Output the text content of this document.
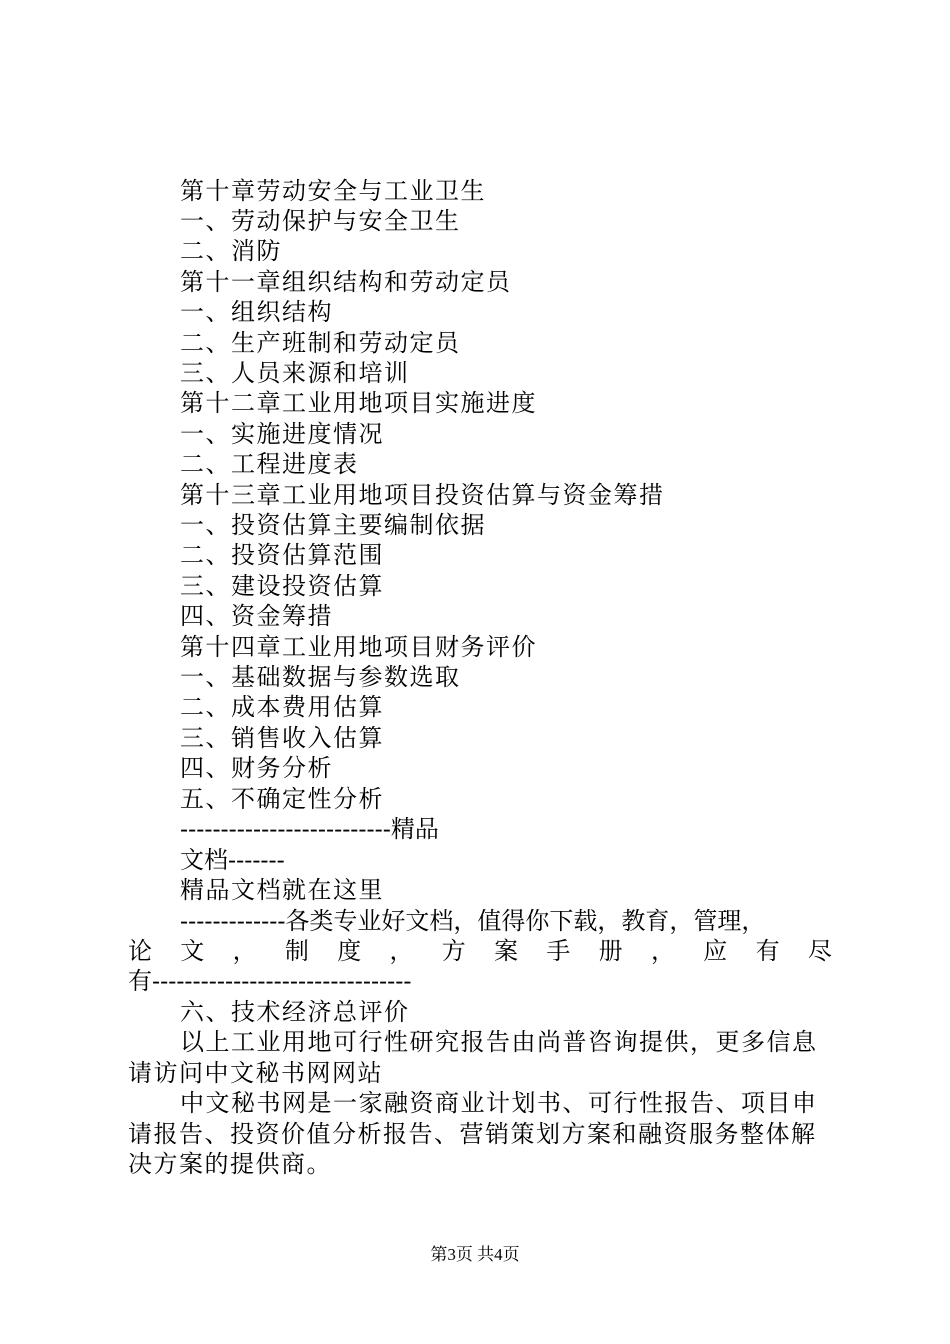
第十章劳动安全与工业卫生
一、劳动保护与安全卫生
二、消防
第十一章组织结构和劳动定员
一、组织结构
二、生产班制和劳动定员
三、人员来源和培训
第十二章工业用地项目实施进度
一、实施进度情况
二、工程进度表
第十三章工业用地项目投资估算与资金筹措
一、投资估算主要编制依据
二、投资估算范围
三、建设投资估算
四、资金筹措
第十四章工业用地项目财务评价
一、基础数据与参数选取
二、成本费用估算
三、销售收入估算
四、财务分析
五、不确定性分析
--------------------------精品
文档-------
精品文档就在这里
-------------各类专业好文档，值得你下载，教育，管理，
论 文 ， 制 度 ， 方 案 手 册 ， 应 有 尽
有--------------------------------
六、技术经济总评价
以上工业用地可行性研究报告由尚普咨询提供，更多信息
请访问中文秘书网网站
中文秘书网是一家融资商业计划书、可行性报告、项目申
请报告、投资价值分析报告、营销策划方案和融资服务整体解
决方案的提供商。
第3页 共4页
